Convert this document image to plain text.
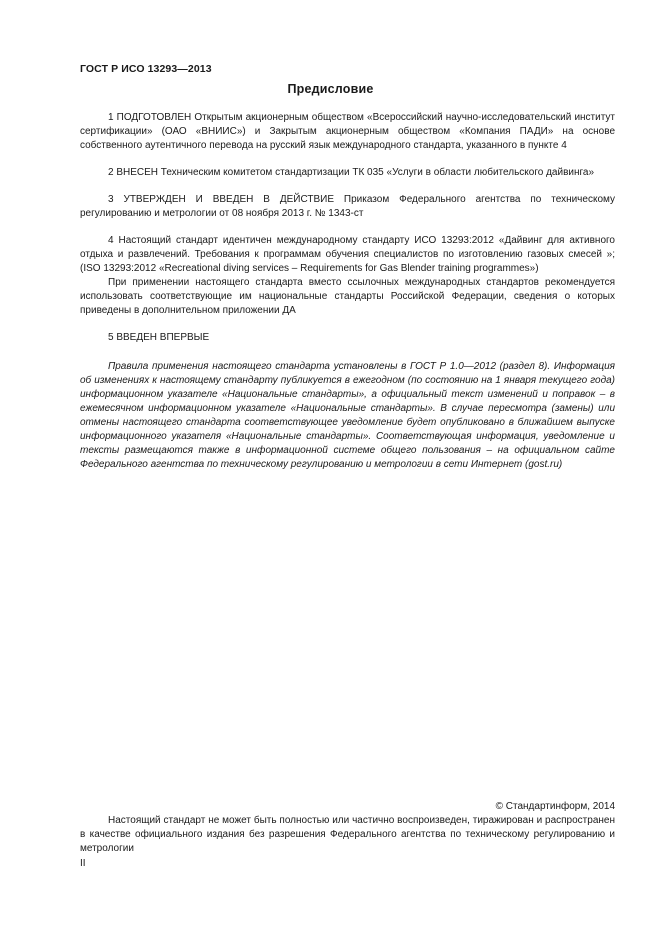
ГОСТ Р ИСО 13293—2013
Предисловие

1 ПОДГОТОВЛЕН Открытым акционерным обществом «Всероссийский научно-исследовательский институт сертификации» (ОАО «ВНИИС») и Закрытым акционерным обществом «Компания ПАДИ» на основе собственного аутентичного перевода на русский язык международного стандарта, указанного в пункте 4

2 ВНЕСЕН Техническим комитетом стандартизации ТК 035 «Услуги в области любительского дайвинга»

3 УТВЕРЖДЕН И ВВЕДЕН В ДЕЙСТВИЕ Приказом Федерального агентства по техническому регулированию и метрологии от 08 ноября 2013 г. № 1343-ст

4 Настоящий стандарт идентичен международному стандарту ИСО 13293:2012 «Дайвинг для активного отдыха и развлечений. Требования к программам обучения специалистов по изготовлению газовых смесей »; (ISO 13293:2012 «Recreational diving services – Requirements for Gas Blender training programmes»)

При применении настоящего стандарта вместо ссылочных международных стандартов рекомендуется использовать соответствующие им национальные стандарты Российской Федерации, сведения о которых приведены в дополнительном приложении ДА

5 ВВЕДЕН ВПЕРВЫЕ

Правила применения настоящего стандарта установлены в ГОСТ Р 1.0—2012 (раздел 8). Информация об изменениях к настоящему стандарту публикуется в ежегодном (по состоянию на 1 января текущего года) информационном указателе «Национальные стандарты», а официальный текст изменений и поправок – в ежемесячном информационном указателе «Национальные стандарты». В случае пересмотра (замены) или отмены настоящего стандарта соответствующее уведомление будет опубликовано в ближайшем выпуске информационного указателя «Национальные стандарты». Соответствующая информация, уведомление и тексты размещаются также в информационной системе общего пользования – на официальном сайте Федерального агентства по техническому регулированию и метрологии в сети Интернет (gost.ru)

© Стандартинформ, 2014

Настоящий стандарт не может быть полностью или частично воспроизведен, тиражирован и распространен в качестве официального издания без разрешения Федерального агентства по техническому регулированию и метрологии

II
